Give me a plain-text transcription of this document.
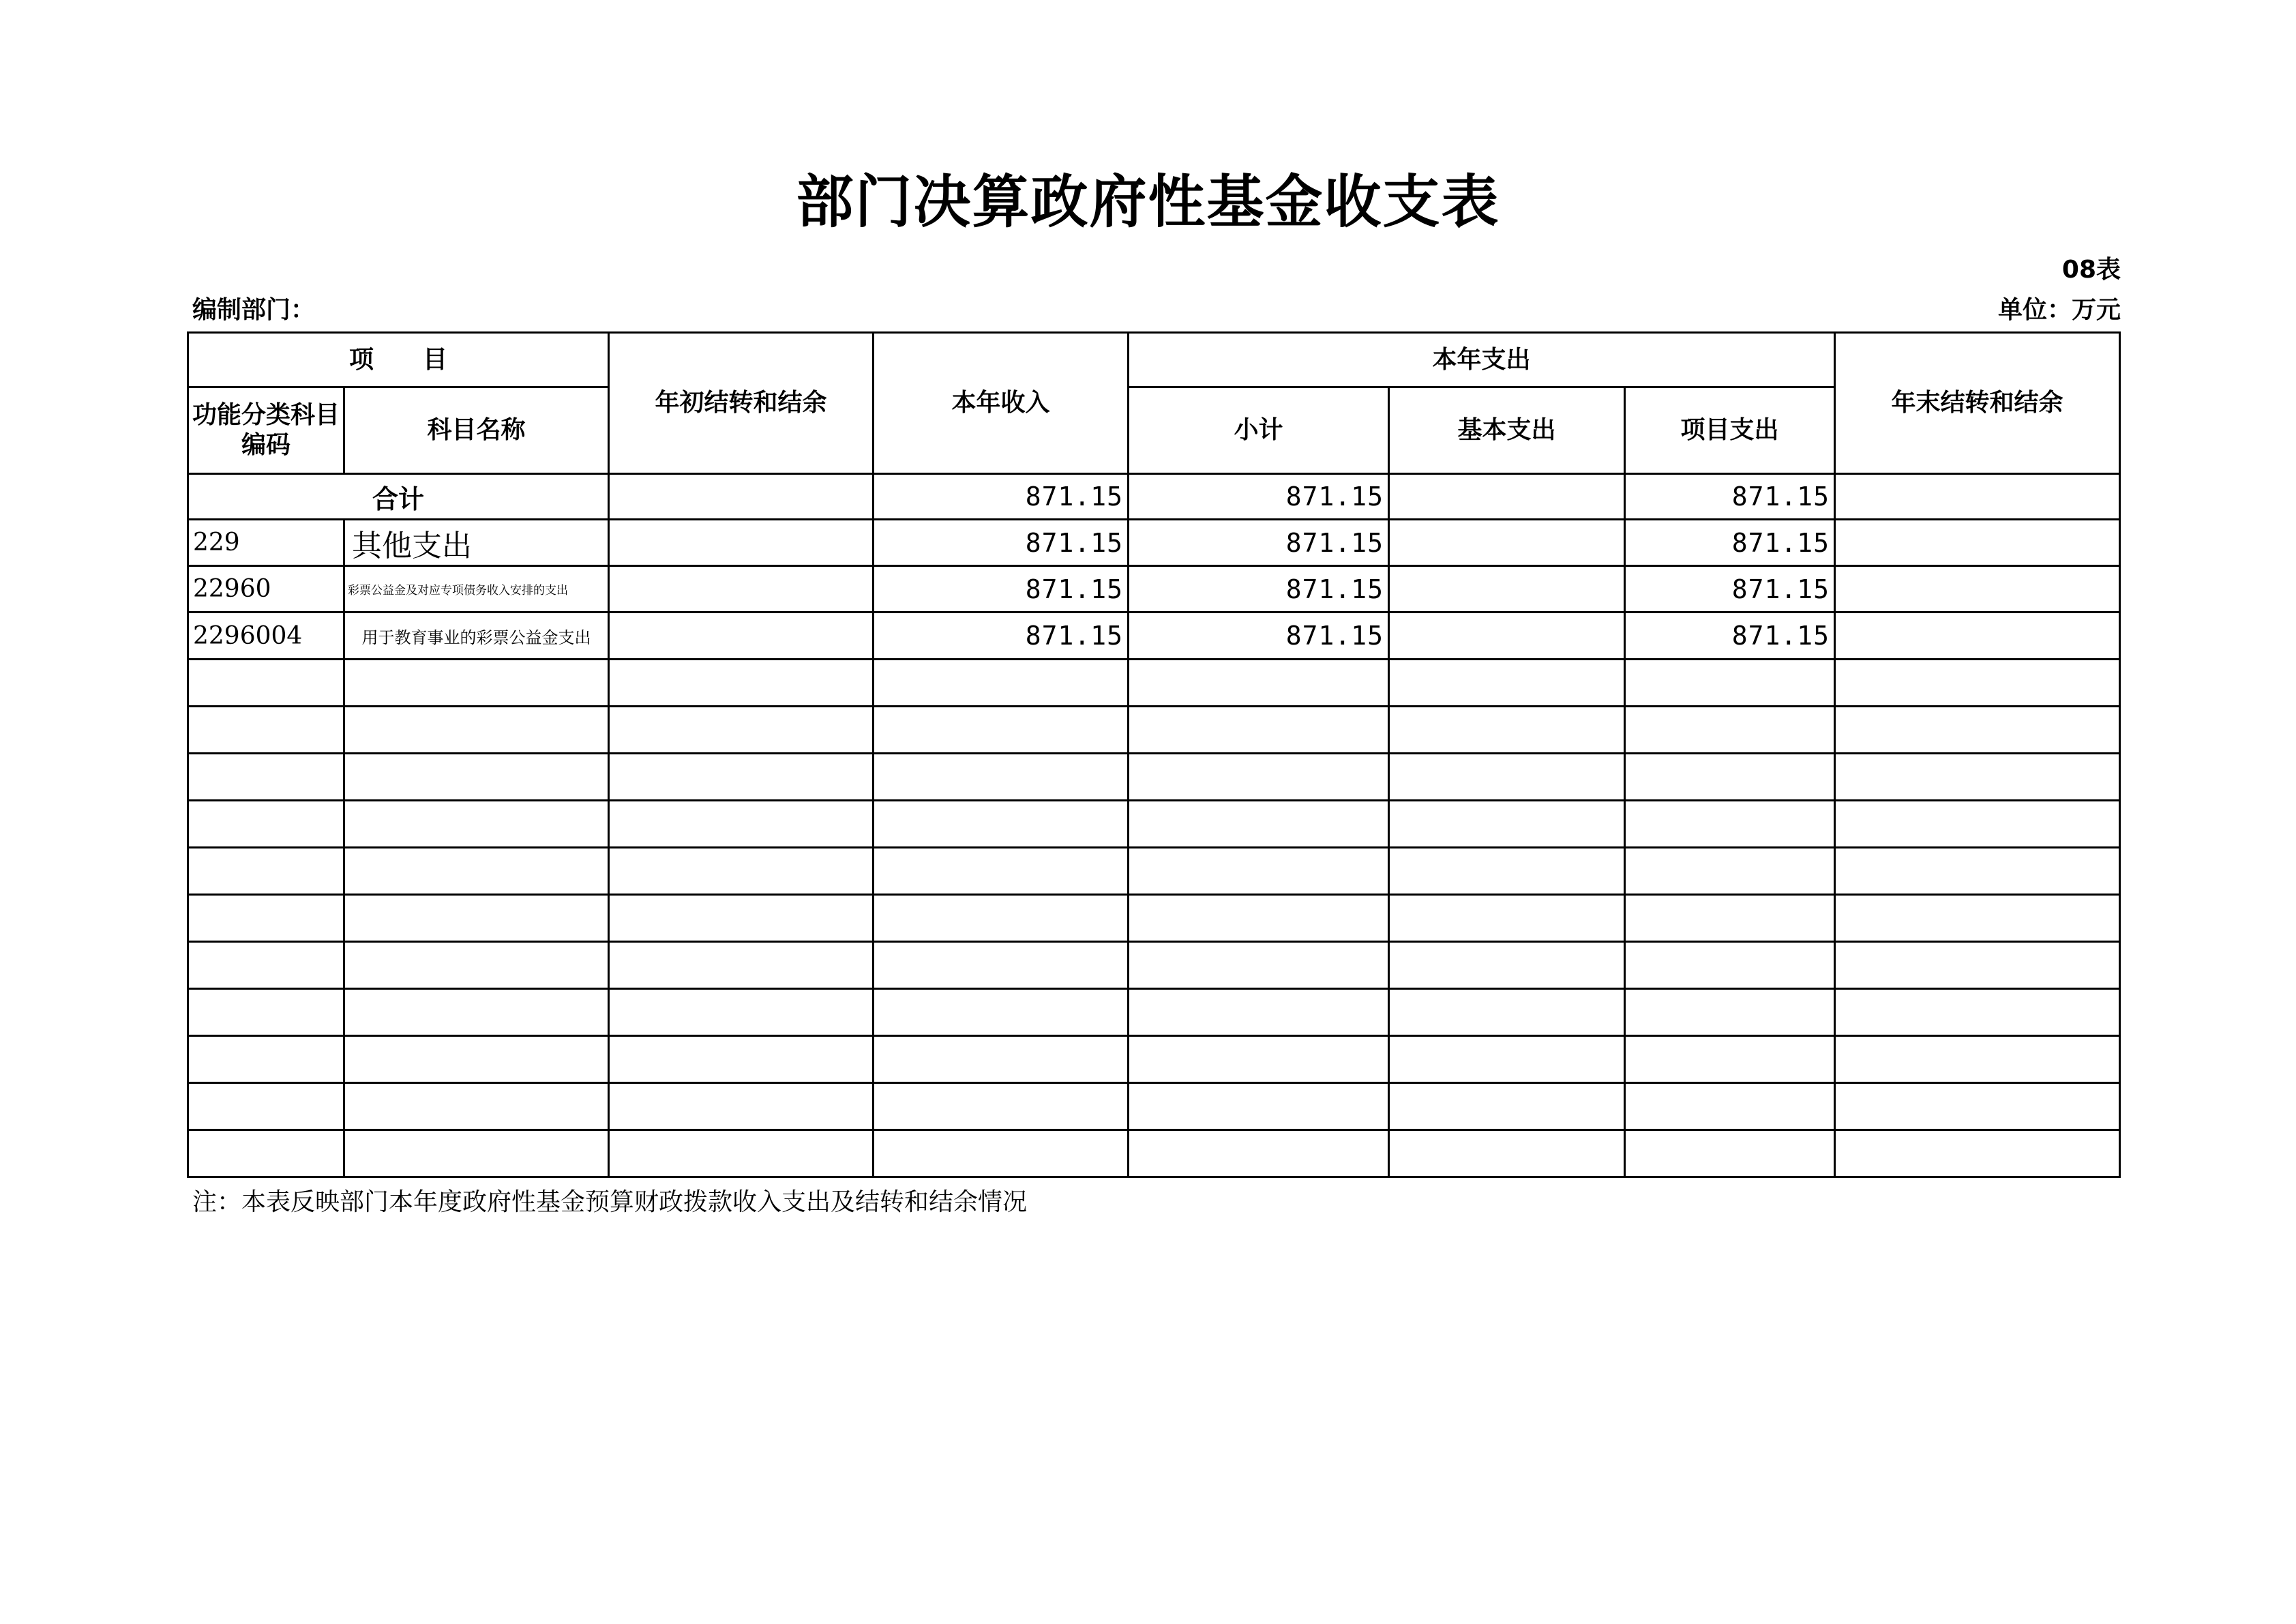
部门决算政府性基金收支表
08表
编制部门：	单位：万元
项　　目		年初结转和结余	本年收入	本年支出			年末结转和结余
功能分类科目编码	科目名称			小计	基本支出	项目支出	
合计			871.15	871.15		871.15	
229	其他支出		871.15	871.15		871.15	
22960	彩票公益金及对应专项债务收入安排的支出		871.15	871.15		871.15	
2296004	用于教育事业的彩票公益金支出		871.15	871.15		871.15	

注：本表反映部门本年度政府性基金预算财政拨款收入支出及结转和结余情况
